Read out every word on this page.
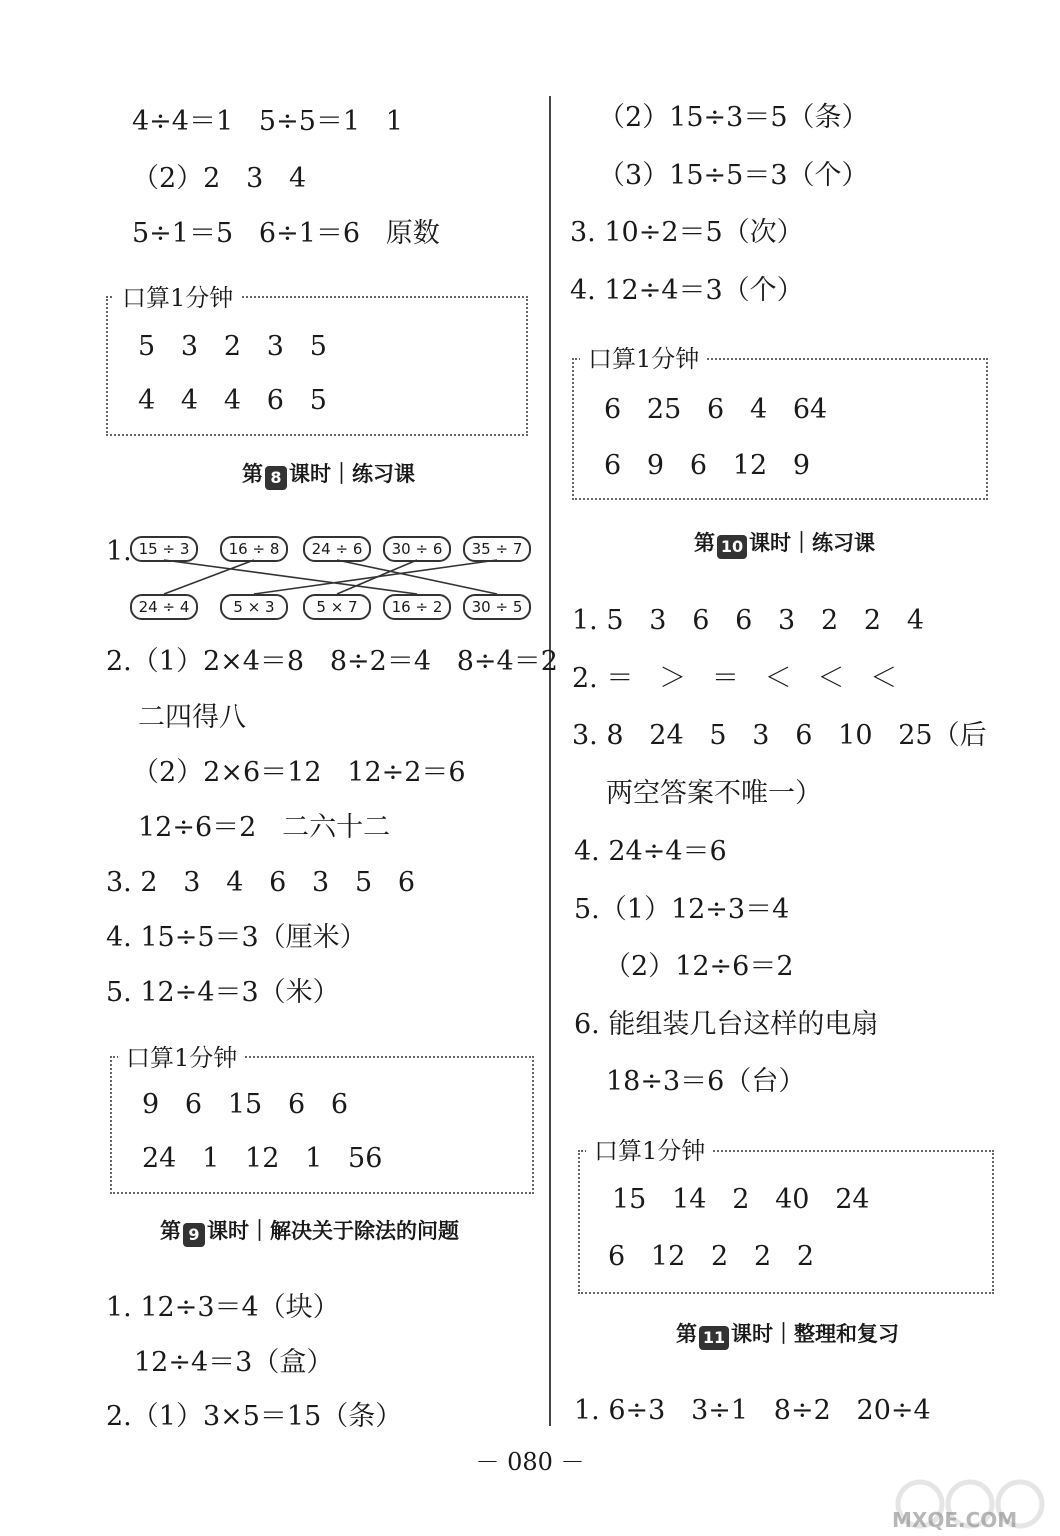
4÷4＝1   5÷5＝1   1
（2）2   3   4
5÷1＝5   6÷1＝6   原数
口算1分钟
5   3   2   3   5
4   4   4   6   5
第 8 课时｜练习课
1. 15 ÷ 3	16 ÷ 8	24 ÷ 6	30 ÷ 6	35 ÷ 7
24 ÷ 4	5 × 3	5 × 7	16 ÷ 2	30 ÷ 5
2.（1）2×4＝8   8÷2＝4   8÷4＝2
二四得八
（2）2×6＝12   12÷2＝6
12÷6＝2   二六十二
3. 2   3   4   6   3   5   6
4. 15÷5＝3（厘米）
5. 12÷4＝3（米）
口算1分钟
9   6   15   6   6
24   1   12   1   56
第 9 课时｜解决关于除法的问题
1. 12÷3＝4（块）
12÷4＝3（盒）
2.（1）3×5＝15（条）
（2）15÷3＝5（条）
（3）15÷5＝3（个）
3. 10÷2＝5（次）
4. 12÷4＝3（个）
口算1分钟
6   25   6   4   64
6   9   6   12   9
第 10 课时｜练习课
1. 5   3   6   6   3   2   2   4
2. ＝   ＞   ＝   ＜   ＜   ＜
3. 8   24   5   3   6   10   25（后
两空答案不唯一）
4. 24÷4＝6
5.（1）12÷3＝4
（2）12÷6＝2
6. 能组装几台这样的电扇
18÷3＝6（台）
口算1分钟
15   14   2   40   24
6   12   2   2   2
第 11 课时｜整理和复习
1. 6÷3   3÷1   8÷2   20÷4
－ 080 －
MXQE.COM
